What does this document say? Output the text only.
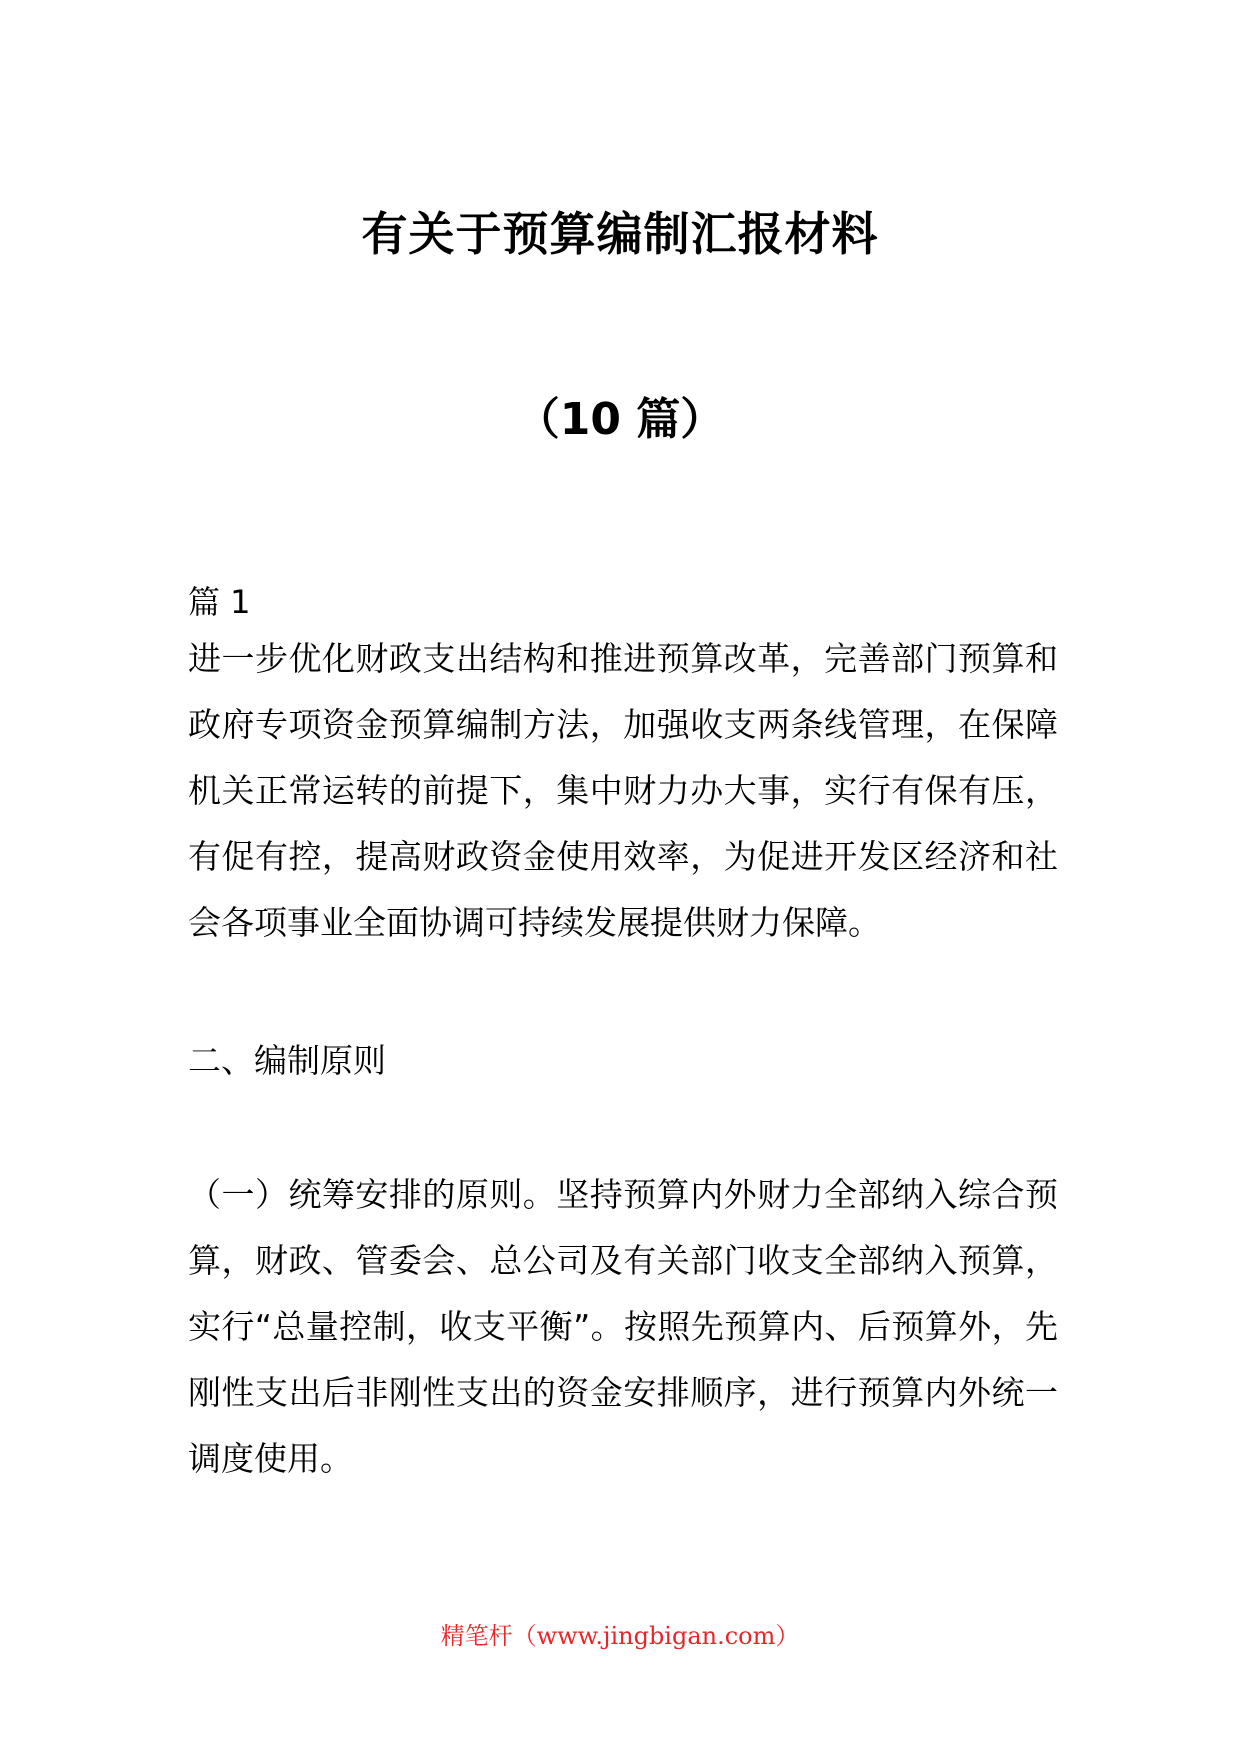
有关于预算编制汇报材料
（10 篇）

篇 1

进一步优化财政支出结构和推进预算改革，完善部门预算和政府专项资金预算编制方法，加强收支两条线管理，在保障机关正常运转的前提下，集中财力办大事，实行有保有压，有促有控，提高财政资金使用效率，为促进开发区经济和社会各项事业全面协调可持续发展提供财力保障。

二、编制原则

（一）统筹安排的原则。坚持预算内外财力全部纳入综合预算，财政、管委会、总公司及有关部门收支全部纳入预算，实行“总量控制，收支平衡”。按照先预算内、后预算外，先刚性支出后非刚性支出的资金安排顺序，进行预算内外统一调度使用。

精笔杆（www.jingbigan.com）
